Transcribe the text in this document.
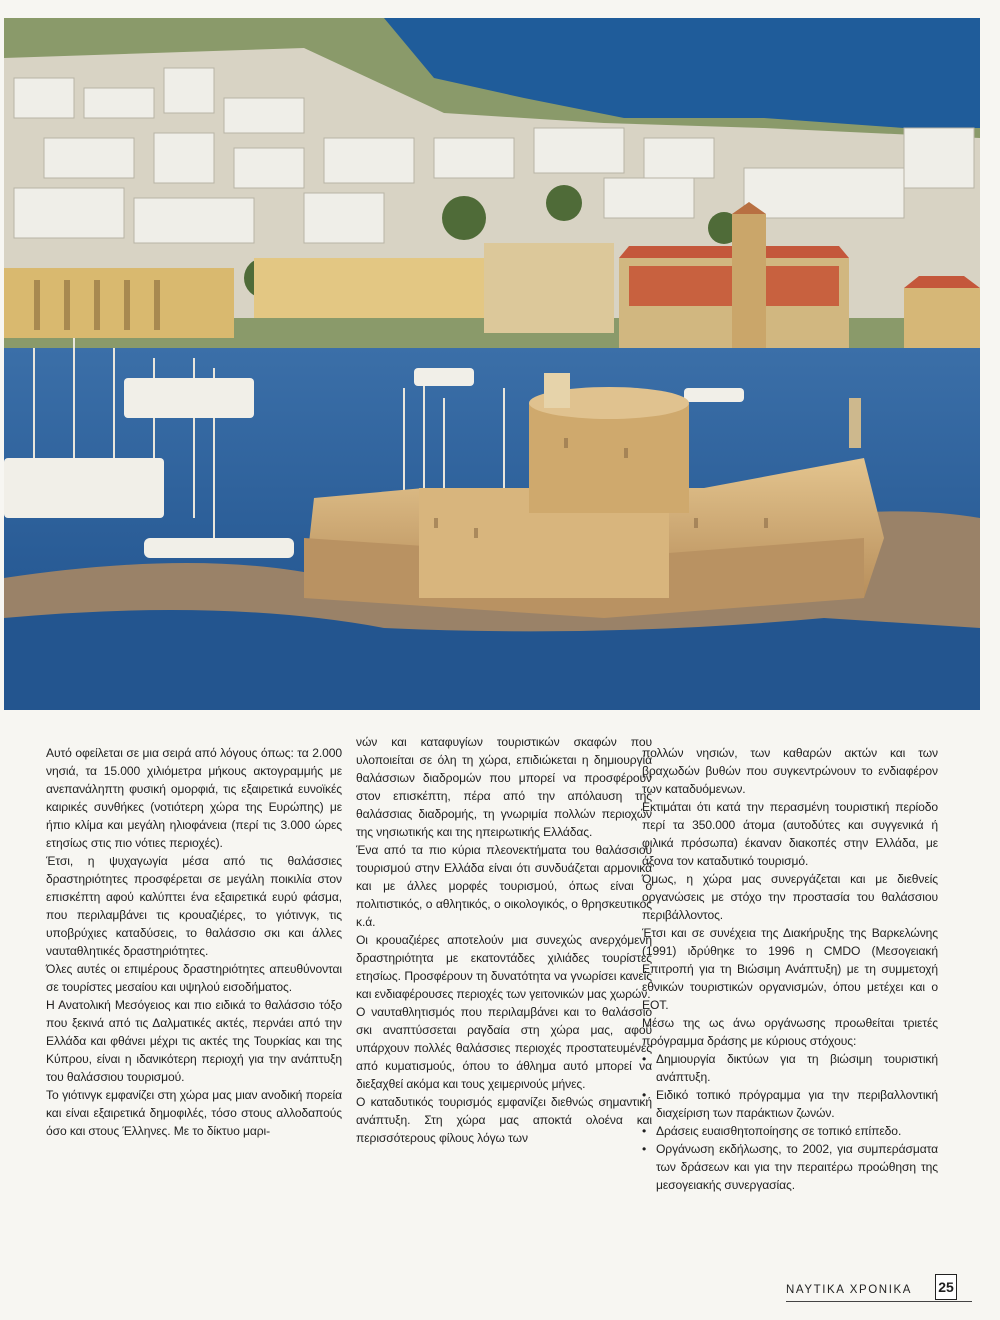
Αυτό οφείλεται σε μια σειρά από λόγους όπως: τα 2.000 νησιά, τα 15.000 χιλιόμετρα μήκους ακτογραμμής με ανεπανάληπτη φυσική ομορφιά, τις εξαιρετικά ευνοϊκές καιρικές συνθήκες (νοτιότερη χώρα της Ευρώπης) με ήπιο κλίμα και μεγάλη ηλιοφάνεια (περί τις 3.000 ώρες ετησίως στις πιο νότιες περιοχές).

Έτσι, η ψυχαγωγία μέσα από τις θαλάσσιες δραστηριότητες προσφέρεται σε μεγάλη ποικιλία στον επισκέπτη αφού καλύπτει ένα εξαιρετικά ευρύ φάσμα, που περιλαμβάνει τις κρουαζιέρες, το γιότινγκ, τις υποβρύχιες καταδύσεις, το θαλάσσιο σκι και άλλες ναυταθλητικές δραστηριότητες.

Όλες αυτές οι επιμέρους δραστηριότητες απευθύνονται σε τουρίστες μεσαίου και υψηλού εισοδήματος.

Η Ανατολική Μεσόγειος και πιο ειδικά το θαλάσσιο τόξο που ξεκινά από τις Δαλματικές ακτές, περνάει από την Ελλάδα και φθάνει μέχρι τις ακτές της Τουρκίας και της Κύπρου, είναι η ιδανικότερη περιοχή για την ανάπτυξη του θαλάσσιου τουρισμού.

Το γιότινγκ εμφανίζει στη χώρα μας μιαν ανοδική πορεία και είναι εξαιρετικά δημοφιλές, τόσο στους αλλοδαπούς όσο και στους Έλληνες. Με το δίκτυο μαρι-

νών και καταφυγίων τουριστικών σκαφών που υλοποιείται σε όλη τη χώρα, επιδιώκεται η δημιουργία θαλάσσιων διαδρομών που μπορεί να προσφέρουν στον επισκέπτη, πέρα από την απόλαυση της θαλάσσιας διαδρομής, τη γνωριμία πολλών περιοχών της νησιωτικής και της ηπειρωτικής Ελλάδας.

Ένα από τα πιο κύρια πλεονεκτήματα του θαλάσσιου τουρισμού στην Ελλάδα είναι ότι συνδυάζεται αρμονικά και με άλλες μορφές τουρισμού, όπως είναι ο πολιτιστικός, ο αθλητικός, ο οικολογικός, ο θρησκευτικός κ.ά.

Οι κρουαζιέρες αποτελούν μια συνεχώς ανερχόμενη δραστηριότητα με εκατοντάδες χιλιάδες τουρίστες ετησίως. Προσφέρουν τη δυνατότητα να γνωρίσει κανείς και ενδιαφέρουσες περιοχές των γειτονικών μας χωρών.

Ο ναυταθλητισμός που περιλαμβάνει και το θαλάσσιο σκι αναπτύσσεται ραγδαία στη χώρα μας, αφού υπάρχουν πολλές θαλάσσιες περιοχές προστατευμένες από κυματισμούς, όπου το άθλημα αυτό μπορεί να διεξαχθεί ακόμα και τους χειμερινούς μήνες.

Ο καταδυτικός τουρισμός εμφανίζει διεθνώς σημαντική ανάπτυξη. Στη χώρα μας αποκτά ολοένα και περισσότερους φίλους λόγω των

πολλών νησιών, των καθαρών ακτών και των βραχωδών βυθών που συγκεντρώνουν το ενδιαφέρον των καταδυόμενων.

Εκτιμάται ότι κατά την περασμένη τουριστική περίοδο περί τα 350.000 άτομα (αυτοδύτες και συγγενικά ή φιλικά πρόσωπα) έκαναν διακοπές στην Ελλάδα, με άξονα τον καταδυτικό τουρισμό.

Όμως, η χώρα μας συνεργάζεται και με διεθνείς οργανώσεις με στόχο την προστασία του θαλάσσιου περιβάλλοντος.

Έτσι και σε συνέχεια της Διακήρυξης της Βαρκελώνης (1991) ιδρύθηκε το 1996 η CMDO (Μεσογειακή Επιτροπή για τη Βιώσιμη Ανάπτυξη) με τη συμμετοχή εθνικών τουριστικών οργανισμών, όπου μετέχει και ο ΕΟΤ.

Μέσω της ως άνω οργάνωσης προωθείται τριετές πρόγραμμα δράσης με κύριους στόχους:

• Δημιουργία δικτύων για τη βιώσιμη τουριστική ανάπτυξη.
• Ειδικό τοπικό πρόγραμμα για την περιβαλλοντική διαχείριση των παράκτιων ζωνών.
• Δράσεις ευαισθητοποίησης σε τοπικό επίπεδο.
• Οργάνωση εκδήλωσης, το 2002, για συμπεράσματα των δράσεων και για την περαιτέρω προώθηση της μεσογειακής συνεργασίας.
ΝΑΥΤΙΚΑ ΧΡΟΝΙΚΑ 25
